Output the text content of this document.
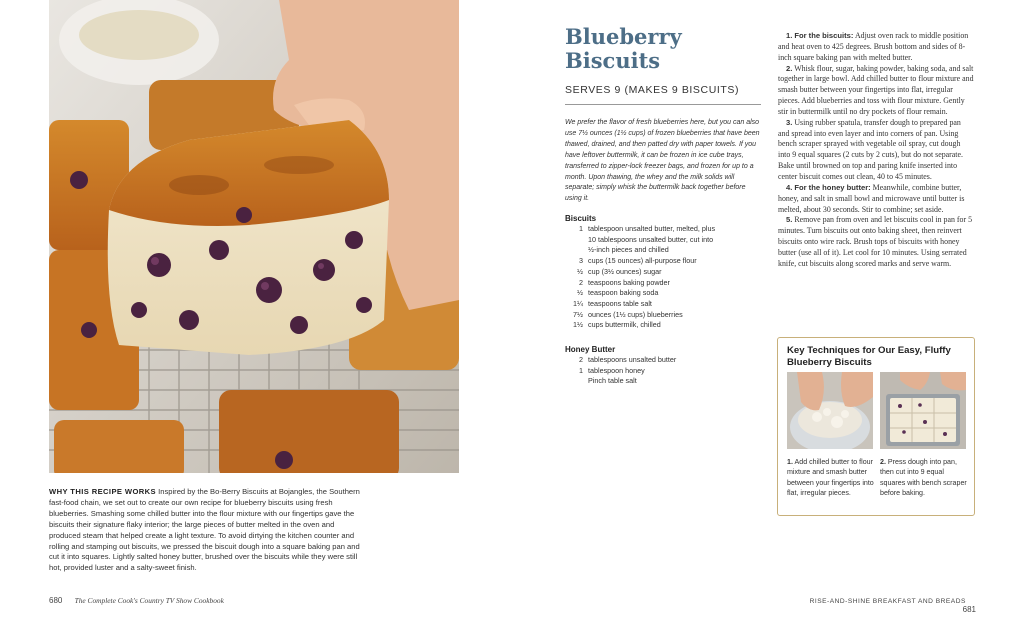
WHY THIS RECIPE WORKS Inspired by the Bo-Berry Biscuits at Bojangles, the Southern fast-food chain, we set out to create our own recipe for blueberry biscuits using fresh blueberries. Smashing some chilled butter into the flour mixture with our fingertips gave the biscuits their signature flaky interior; the large pieces of butter melted in the oven and produced steam that helped create a light texture. To avoid dirtying the kitchen counter and rolling and stamping out biscuits, we pressed the biscuit dough into a square baking pan and cut it into squares. Lightly salted honey butter, brushed over the biscuits while they were still hot, provided luster and a salty-sweet finish.
680 The Complete Cook's Country TV Show Cookbook
Blueberry
Biscuits
SERVES 9 (MAKES 9 BISCUITS)
We prefer the flavor of fresh blueberries here, but you can also use 7½ ounces (1½ cups) of frozen blueberries that have been thawed, drained, and then patted dry with paper towels. If you have leftover buttermilk, it can be frozen in ice cube trays, transferred to zipper-lock freezer bags, and frozen for up to a month. Upon thawing, the whey and the milk solids will separate; simply whisk the buttermilk back together before using it.
Biscuits
1 tablespoon unsalted butter, melted, plus
10 tablespoons unsalted butter, cut into
½-inch pieces and chilled
3 cups (15 ounces) all-purpose flour
½ cup (3½ ounces) sugar
2 teaspoons baking powder
½ teaspoon baking soda
1¼ teaspoons table salt
7½ ounces (1½ cups) blueberries
1½ cups buttermilk, chilled
Honey Butter
2 tablespoons unsalted butter
1 tablespoon honey
Pinch table salt

1. For the biscuits: Adjust oven rack to middle position and heat oven to 425 degrees. Brush bottom and sides of 8-inch square baking pan with melted butter.

2. Whisk flour, sugar, baking powder, baking soda, and salt together in large bowl. Add chilled butter to flour mixture and smash butter between your fingertips into flat, irregular pieces. Add blueberries and toss with flour mixture. Gently stir in buttermilk until no dry pockets of flour remain.

3. Using rubber spatula, transfer dough to prepared pan and spread into even layer and into corners of pan. Using bench scraper sprayed with vegetable oil spray, cut dough into 9 equal squares (2 cuts by 2 cuts), but do not separate. Bake until browned on top and paring knife inserted into center biscuit comes out clean, 40 to 45 minutes.

4. For the honey butter: Meanwhile, combine butter, honey, and salt in small bowl and microwave until butter is melted, about 30 seconds. Stir to combine; set aside.

5. Remove pan from oven and let biscuits cool in pan for 5 minutes. Turn biscuits out onto baking sheet, then reinvert biscuits onto wire rack. Brush tops of biscuits with honey butter (use all of it). Let cool for 10 minutes. Using serrated knife, cut biscuits along scored marks and serve warm.

Key Techniques for Our Easy, Fluffy Blueberry Biscuits
1. Add chilled butter to flour mixture and smash butter between your fingertips into flat, irregular pieces.
2. Press dough into pan, then cut into 9 equal squares with bench scraper before baking.
RISE-AND-SHINE BREAKFAST AND BREADS  681
